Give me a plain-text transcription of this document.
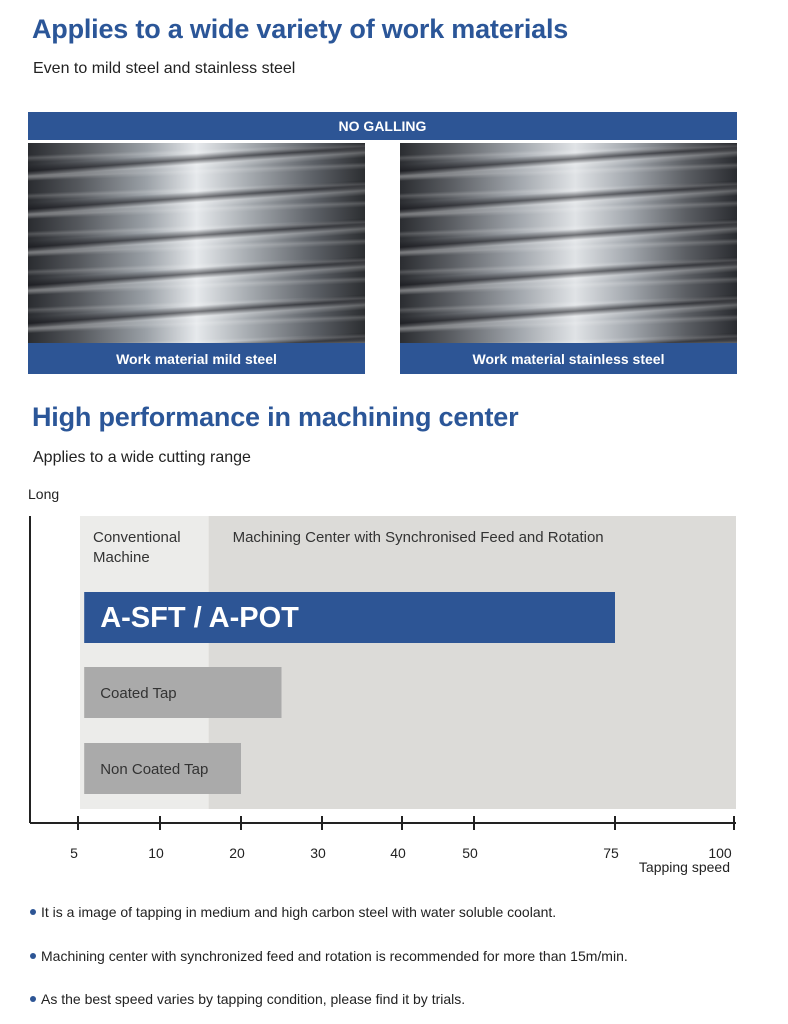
Applies to a wide variety of work materials
Even to mild steel and stainless steel
NO GALLING
Work material mild steel	Work material stainless steel
High performance in machining center
Applies to a wide cutting range
Conventional
Machine
Machining Center with Synchronised Feed and Rotation
A-SFT / A-POT
Coated Tap
Non Coated Tap
5	10	20	30	40	50	75	100
Long
Tapping speed
It is a image of tapping in medium and high carbon steel with water soluble coolant.
Machining center with synchronized feed and rotation is recommended for more than 15m/min.
As the best speed varies by tapping condition, please find it by trials.
